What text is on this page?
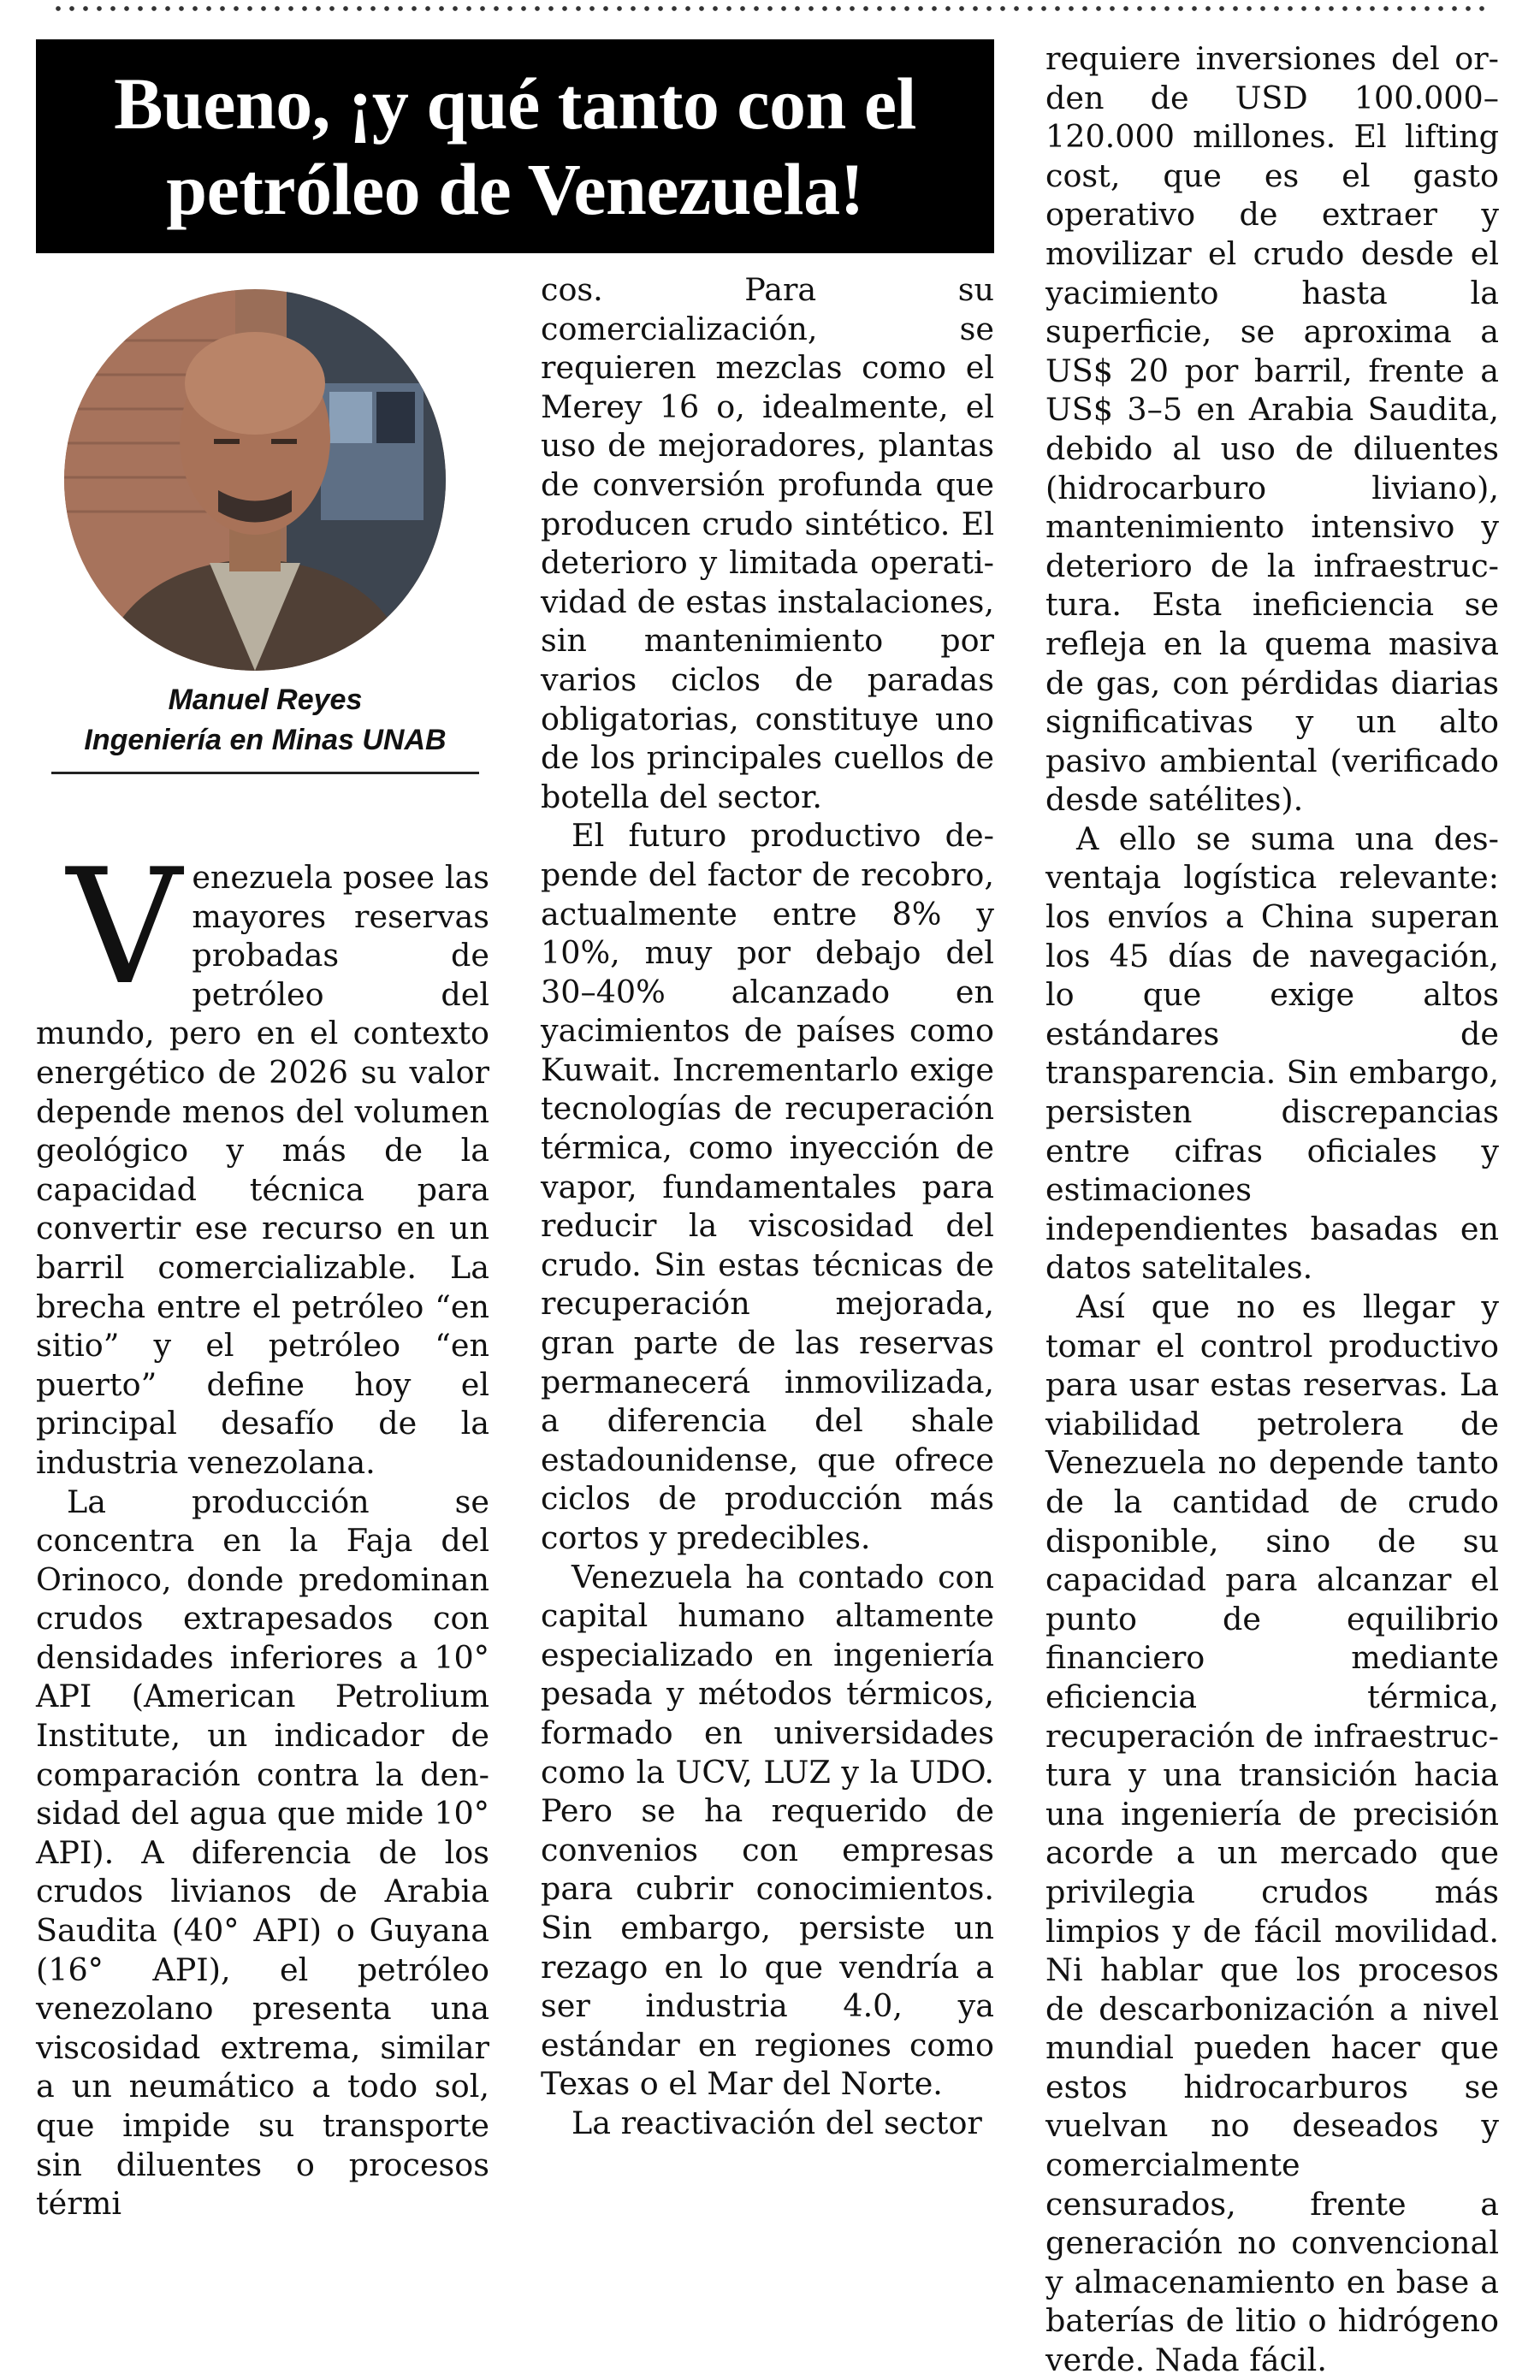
Bueno, ¡y qué tanto con el petróleo de Venezuela!
Manuel Reyes
Ingeniería en Minas UNAB
V enezuela posee las mayores reservas probadas de petróleo del mundo, pero en el contexto energético de 2026 su valor depende menos del volumen geológico y más de la capacidad técnica para convertir ese recurso en un barril comercializable. La brecha entre el petróleo “en sitio” y el petróleo “en puerto” define hoy el principal desafío de la industria venezolana.

La producción se concentra en la Faja del Orinoco, donde predominan crudos extrapesados con densidades inferiores a 10° API (American Petrolium Institute, un indicador de comparación contra la densidad del agua que mide 10° API). A diferencia de los crudos livianos de Arabia Saudita (40° API) o Guyana (16° API), el petróleo venezolano presenta una viscosidad extrema, similar a un neumático a todo sol, que impide su transporte sin diluentes o procesos térmi

cos. Para su comercialización, se requieren mezclas como el Merey 16 o, idealmente, el uso de mejoradores, plantas de conversión profunda que producen crudo sintético. El deterioro y limitada operatividad de estas instalaciones, sin mantenimiento por varios ciclos de paradas obligatorias, constituye uno de los principales cuellos de botella del sector.

El futuro productivo depende del factor de recobro, actualmente entre 8% y 10%, muy por debajo del 30–40% alcanzado en yacimientos de países como Kuwait. Incrementarlo exige tecnologías de recuperación térmica, como inyección de vapor, fundamentales para reducir la viscosidad del crudo. Sin estas técnicas de recuperación mejorada, gran parte de las reservas permanecerá inmovilizada, a diferencia del shale estadounidense, que ofrece ciclos de producción más cortos y predecibles.

Venezuela ha contado con capital humano altamente especializado en ingeniería pesada y métodos térmicos, formado en universidades como la UCV, LUZ y la UDO. Pero se ha requerido de convenios con empresas para cubrir conocimientos. Sin embargo, persiste un rezago en lo que vendría a ser industria 4.0, ya estándar en regiones como Texas o el Mar del Norte.

La reactivación del sector

requiere inversiones del orden de USD 100.000–120.000 millones. El lifting cost, que es el gasto operativo de extraer y movilizar el crudo desde el yacimiento hasta la superficie, se aproxima a US$ 20 por barril, frente a US$ 3–5 en Arabia Saudita, debido al uso de diluentes (hidrocarburo liviano), mantenimiento intensivo y deterioro de la infraestructura. Esta ineficiencia se refleja en la quema masiva de gas, con pérdidas diarias significativas y un alto pasivo ambiental (verificado desde satélites).

A ello se suma una desventaja logística relevante: los envíos a China superan los 45 días de navegación, lo que exige altos estándares de transparencia. Sin embargo, persisten discrepancias entre cifras oficiales y estimaciones independientes basadas en datos satelitales.

Así que no es llegar y tomar el control productivo para usar estas reservas. La viabilidad petrolera de Venezuela no depende tanto de la cantidad de crudo disponible, sino de su capacidad para alcanzar el punto de equilibrio financiero mediante eficiencia térmica, recuperación de infraestructura y una transición hacia una ingeniería de precisión acorde a un mercado que privilegia crudos más limpios y de fácil movilidad. Ni hablar que los procesos de descarbonización a nivel mundial pueden hacer que estos hidrocarburos se vuelvan no deseados y comercialmente censurados, frente a generación no convencional y almacenamiento en base a baterías de litio o hidrógeno verde. Nada fácil.
